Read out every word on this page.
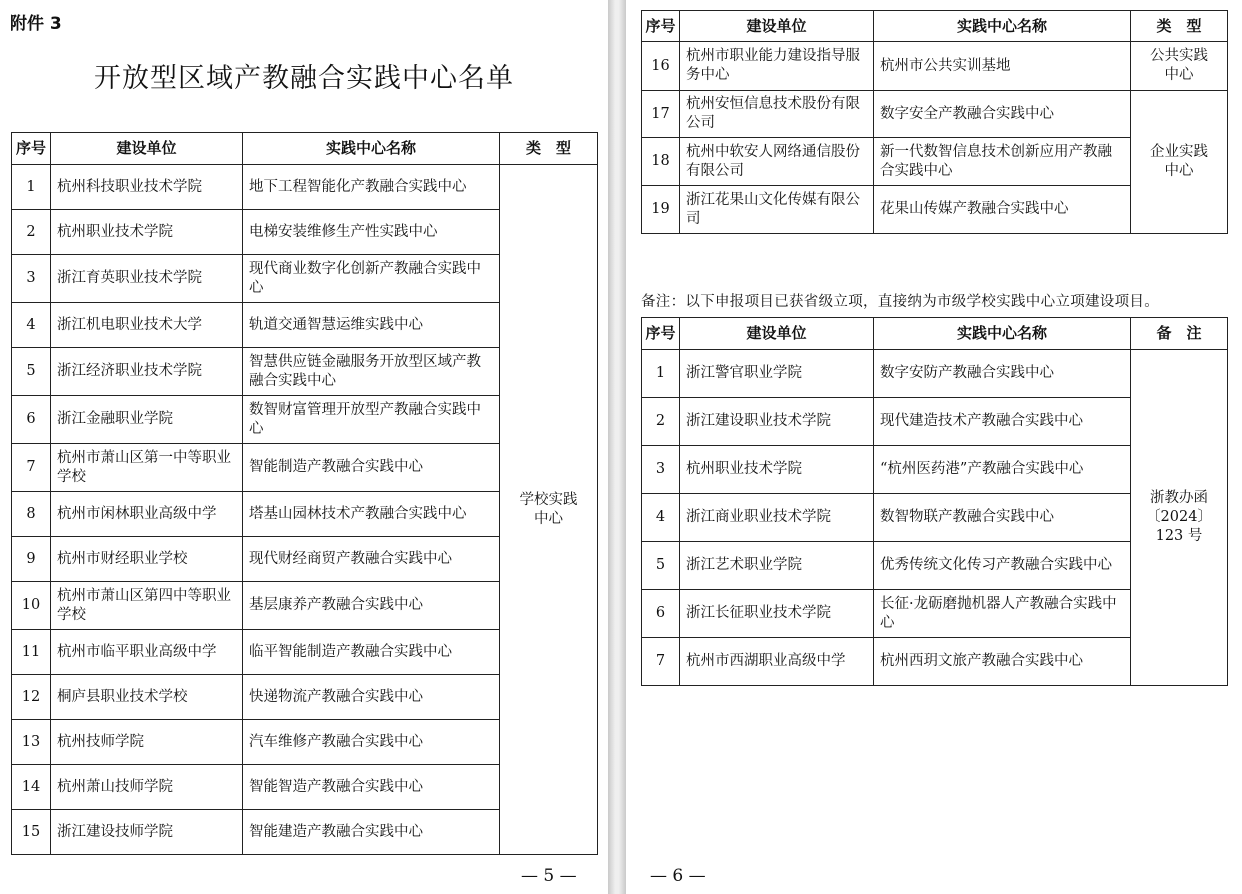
附件 3
开放型区域产教融合实践中心名单
序号	建设单位	实践中心名称	类　型
1	杭州科技职业技术学院	地下工程智能化产教融合实践中心	学校实践
中心
2	杭州职业技术学院	电梯安装维修生产性实践中心	
3	浙江育英职业技术学院	现代商业数字化创新产教融合实践中心	
4	浙江机电职业技术大学	轨道交通智慧运维实践中心	
5	浙江经济职业技术学院	智慧供应链金融服务开放型区域产教融合实践中心	
6	浙江金融职业学院	数智财富管理开放型产教融合实践中心	
7	杭州市萧山区第一中等职业学校	智能制造产教融合实践中心	
8	杭州市闲林职业高级中学	塔基山园林技术产教融合实践中心	
9	杭州市财经职业学校	现代财经商贸产教融合实践中心	
10	杭州市萧山区第四中等职业学校	基层康养产教融合实践中心	
11	杭州市临平职业高级中学	临平智能制造产教融合实践中心	
12	桐庐县职业技术学校	快递物流产教融合实践中心	
13	杭州技师学院	汽车维修产教融合实践中心	
14	杭州萧山技师学院	智能智造产教融合实践中心	
15	浙江建设技师学院	智能建造产教融合实践中心	
— 5 —
序号	建设单位	实践中心名称	类　型
16	杭州市职业能力建设指导服务中心	杭州市公共实训基地	公共实践
中心
17	杭州安恒信息技术股份有限公司	数字安全产教融合实践中心	企业实践
中心
18	杭州中软安人网络通信股份有限公司	新一代数智信息技术创新应用产教融合实践中心	
19	浙江花果山文化传媒有限公司	花果山传媒产教融合实践中心	
备注：以下申报项目已获省级立项，直接纳为市级学校实践中心立项建设项目。
序号	建设单位	实践中心名称	备　注
1	浙江警官职业学院	数字安防产教融合实践中心	浙教办函
〔2024〕123 号
2	浙江建设职业技术学院	现代建造技术产教融合实践中心	
3	杭州职业技术学院	“杭州医药港”产教融合实践中心	
4	浙江商业职业技术学院	数智物联产教融合实践中心	
5	浙江艺术职业学院	优秀传统文化传习产教融合实践中心	
6	浙江长征职业技术学院	长征·龙砺磨抛机器人产教融合实践中心	
7	杭州市西湖职业高级中学	杭州西玥文旅产教融合实践中心	
— 6 —
